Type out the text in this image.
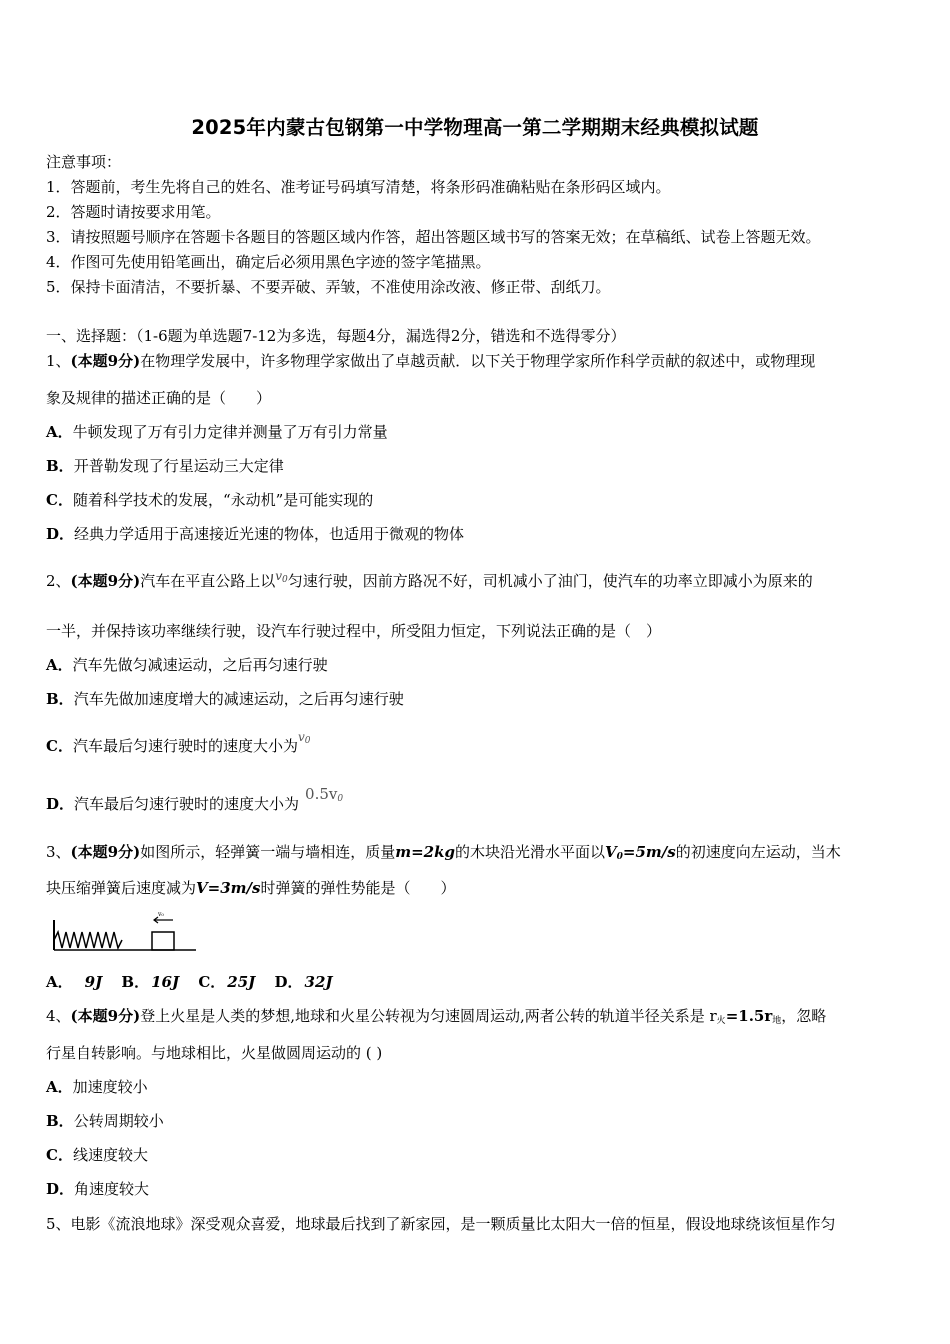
2025年内蒙古包钢第一中学物理高一第二学期期末经典模拟试题
注意事项：
1．答题前，考生先将自己的姓名、准考证号码填写清楚，将条形码准确粘贴在条形码区域内。
2．答题时请按要求用笔。
3．请按照题号顺序在答题卡各题目的答题区域内作答，超出答题区域书写的答案无效；在草稿纸、试卷上答题无效。
4．作图可先使用铅笔画出，确定后必须用黑色字迹的签字笔描黑。
5．保持卡面清洁，不要折暴、不要弄破、弄皱，不准使用涂改液、修正带、刮纸刀。
一、选择题：（1-6题为单选题7-12为多选，每题4分，漏选得2分，错选和不选得零分）
1、(本题9分)在物理学发展中，许多物理学家做出了卓越贡献．以下关于物理学家所作科学贡献的叙述中，或物理现
象及规律的描述正确的是（　　）
A．牛顿发现了万有引力定律并测量了万有引力常量
B．开普勒发现了行星运动三大定律
C．随着科学技术的发展，“永动机”是可能实现的
D．经典力学适用于高速接近光速的物体，也适用于微观的物体
2、(本题9分)汽车在平直公路上以$^{v_0}$匀速行驶，因前方路况不好，司机减小了油门，使汽车的功率立即减小为原来的
一半，并保持该功率继续行驶，设汽车行驶过程中，所受阻力恒定，下列说法正确的是（　）
A．汽车先做匀减速运动，之后再匀速行驶
B．汽车先做加速度增大的减速运动，之后再匀速行驶
C．汽车最后匀速行驶时的速度大小为$^{v_0}$
D．汽车最后匀速行驶时的速度大小为$0.5v_0$
3、(本题9分)如图所示，轻弹簧一端与墙相连，质量m=2kg的木块沿光滑水平面以$V_0=5m/s$的初速度向左运动，当木
块压缩弹簧后速度减为V=3m/s时弹簧的弹性势能是（　　）
v₀
A． 9J B． 16J C． 25J D． 32J
4、(本题9分)登上火星是人类的梦想,地球和火星公转视为匀速圆周运动,两者公转的轨道半径关系是 $r_火=1.5r_地$，忽略
行星自转影响。与地球相比，火星做圆周运动的 ( )
A．加速度较小
B．公转周期较小
C．线速度较大
D．角速度较大
5、电影《流浪地球》深受观众喜爱，地球最后找到了新家园，是一颗质量比太阳大一倍的恒星，假设地球绕该恒星作匀
